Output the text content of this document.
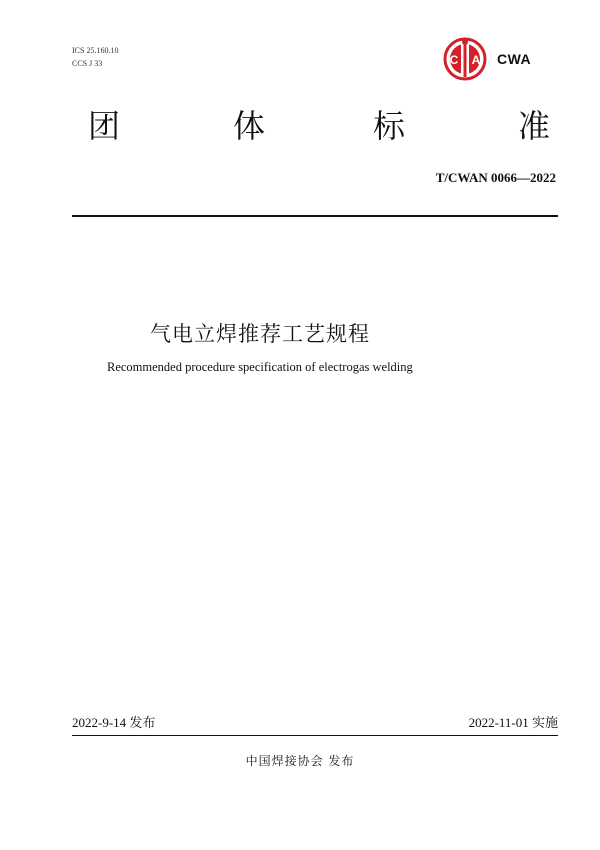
ICS 25.160.10
CCS J 33	C A CWA
团	体	标	准
T/CWAN 0066—2022
气电立焊推荐工艺规程
Recommended procedure specification of electrogas welding
2022-9-14 发布	2022-11-01 实施
中国焊接协会 发布
